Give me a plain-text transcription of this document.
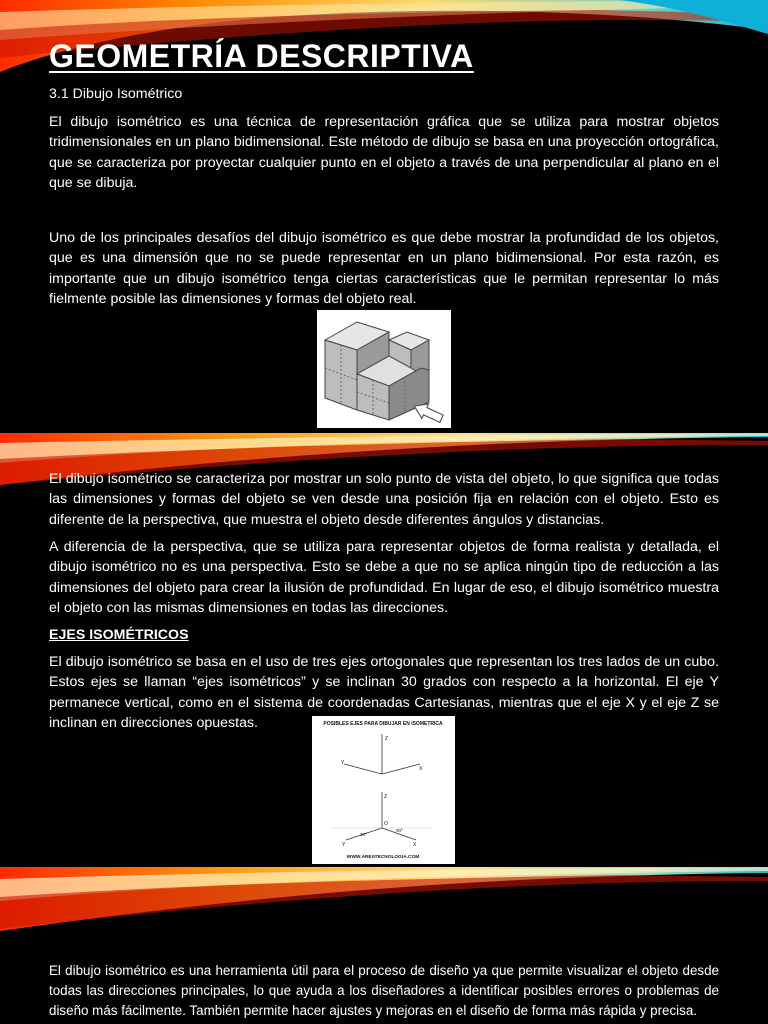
GEOMETRÍA DESCRIPTIVA

3.1 Dibujo Isométrico

El dibujo isométrico es una técnica de representación gráfica que se utiliza para mostrar objetos tridimensionales en un plano bidimensional. Este método de dibujo se basa en una proyección ortográfica, que se caracteriza por proyectar cualquier punto en el objeto a través de una perpendicular al plano en el que se dibuja.

Uno de los principales desafíos del dibujo isométrico es que debe mostrar la profundidad de los objetos, que es una dimensión que no se puede representar en un plano bidimensional. Por esta razón, es importante que un dibujo isométrico tenga ciertas características que le permitan representar lo más fielmente posible las dimensiones y formas del objeto real.

El dibujo isométrico se caracteriza por mostrar un solo punto de vista del objeto, lo que significa que todas las dimensiones y formas del objeto se ven desde una posición fija en relación con el objeto. Esto es diferente de la perspectiva, que muestra el objeto desde diferentes ángulos y distancias.

A diferencia de la perspectiva, que se utiliza para representar objetos de forma realista y detallada, el dibujo isométrico no es una perspectiva. Esto se debe a que no se aplica ningún tipo de reducción a las dimensiones del objeto para crear la ilusión de profundidad. En lugar de eso, el dibujo isométrico muestra el objeto con las mismas dimensiones en todas las direcciones.

EJES ISOMÉTRICOS

El dibujo isométrico se basa en el uso de tres ejes ortogonales que representan los tres lados de un cubo. Estos ejes se llaman “ejes isométricos” y se inclinan 30 grados con respecto a la horizontal. El eje Y permanece vertical, como en el sistema de coordenadas Cartesianas, mientras que el eje X y el eje Z se inclinan en direcciones opuestas.	POSIBLES EJES PARA DIBUJAR EN ISOMETRICA
Z
Y
X
Z
O
Y	X
30º
30º
WWW.AREATECNOLOGIA.COM

El dibujo isométrico es una herramienta útil para el proceso de diseño ya que permite visualizar el objeto desde todas las direcciones principales, lo que ayuda a los diseñadores a identificar posibles errores o problemas de diseño más fácilmente. También permite hacer ajustes y mejoras en el diseño de forma más rápida y precisa.
